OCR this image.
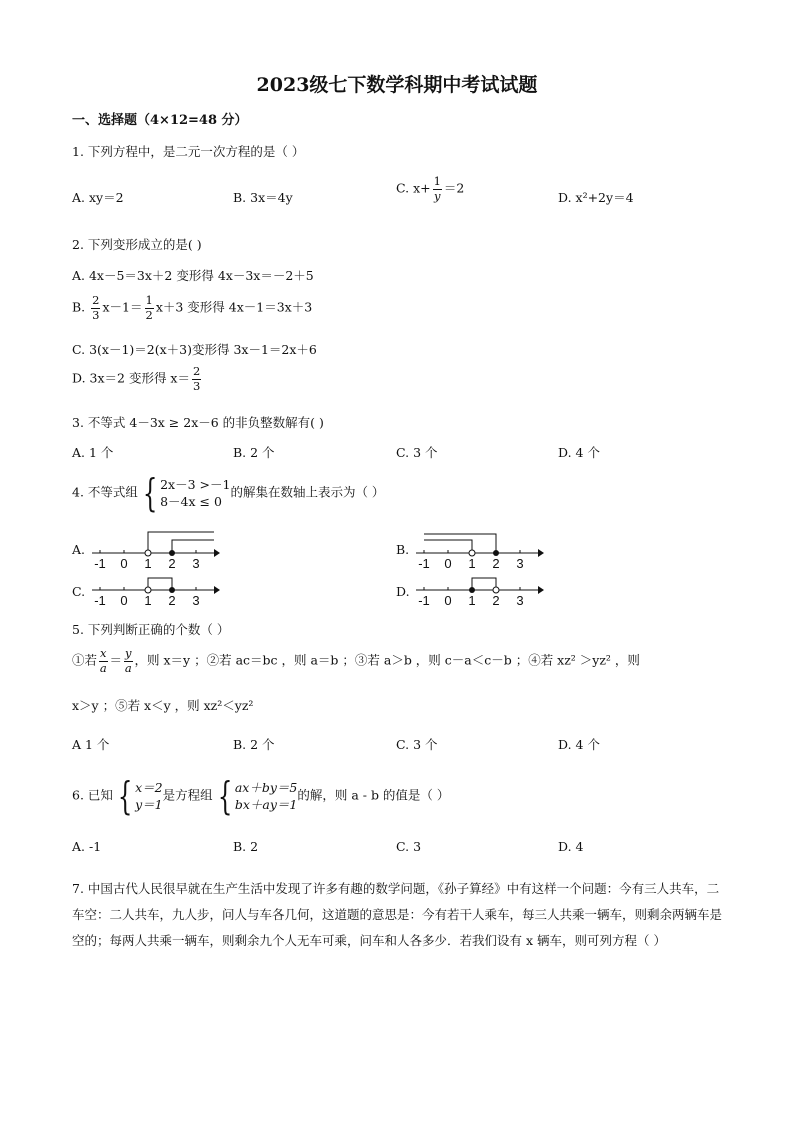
2023级七下数学科期中考试试题
一、选择题（4×12=48 分）
1. 下列方程中，是二元一次方程的是（ ）
A. xy＝2	B. 3x＝4y
C. $x+ \frac{1}{y} =2$
D. x²+2y＝4
2. 下列变形成立的是( )
A. 4x－5＝3x＋2 变形得 4x－3x＝－2＋5
B. $\frac{2}{3} x-1= \frac{1}{2} x+3$ 变形得 4x－1＝3x＋3
C. 3(x－1)＝2(x＋3)变形得 3x－1＝2x＋6
D. 3x＝2 变形得 $x= \frac{2}{3}$
3. 不等式 4－3x ≥ 2x－6 的非负整数解有( )
A. 1 个	B. 2 个	C. 3 个	D. 4 个
4. 不等式组 { 2x－3 >－1
8－4x ≤ 0
的解集在数轴上表示为（ ）
A.	B.
C.	D.
-1 0 1 2 3	-1 0 1 2 3
-1 0 1 2 3	-1 0 1 2 3
5. 下列判断正确的个数（ ）
①若 $\frac{x}{a} = \frac{y}{a}$ ，则 x＝y ；②若 ac＝bc ，则 a＝b ；③若 a＞b ，则 c－a＜c－b ；④若 xz² ＞yz² ，则
x＞y ；⑤若 x＜y ，则 xz²＜yz²
A 1 个	B. 2 个	C. 3 个	D. 4 个
6. 已知 { x＝2
y＝1
是方程组 { ax＋by＝5
bx＋ay＝1
的解，则 a - b 的值是（ ）
A. -1	B. 2	C. 3	D. 4
7. 中国古代人民很早就在生产生活中发现了许多有趣的数学问题，《孙子算经》中有这样一个问题：今有三人共车，二车空：二人共车，九人步，问人与车各几何，这道题的意思是：今有若干人乘车，每三人共乘一辆车，则剩余两辆车是空的；每两人共乘一辆车，则剩余九个人无车可乘，问车和人各多少．若我们设有 x 辆车，则可列方程（ ）
